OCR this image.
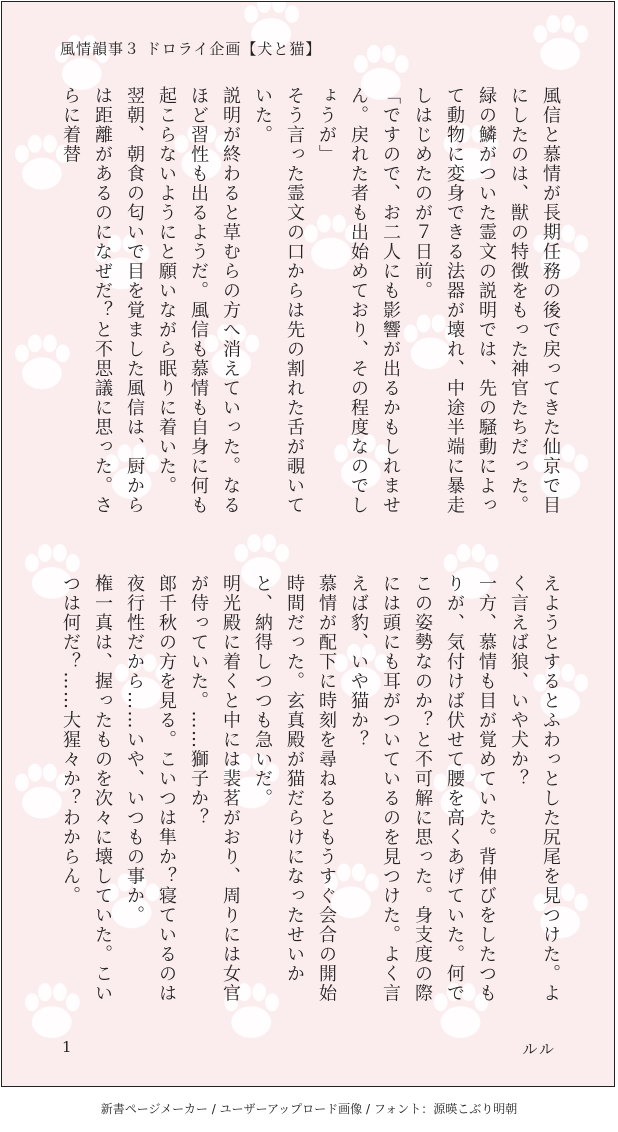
風情韻事３ ドロライ企画【犬と猫】

風信と慕情が長期任務の後で戻ってきた仙京で目にしたのは、獣の特徴をもった神官たちだった。

緑の鱗がついた霊文の説明では、先の騒動によって動物に変身できる法器が壊れ、中途半端に暴走しはじめたのが７日前。

「ですので、お二人にも影響が出るかもしれません。戻れた者も出始めており、その程度なのでしょうが」

そう言った霊文の口からは先の割れた舌が覗いていた。
説明が終わると草むらの方へ消えていった。なるほど習性も出るようだ。風信も慕情も自身に何も起こらないようにと願いながら眠りに着いた。

翌朝、朝食の匂いで目を覚ました風信は、厨からは距離があるのになぜだ？と不思議に思った。さらに着替

えようとするとふわっとした尻尾を見つけた。よく言えば狼、いや犬か？

一方、慕情も目が覚めていた。背伸びをしたつもりが、気付けば伏せて腰を高くあげていた。何でこの姿勢なのか？と不可解に思った。身支度の際には頭にも耳がついているのを見つけた。よく言えば豹、いや猫か？

慕情が配下に時刻を尋ねるともうすぐ会合の開始時間だった。玄真殿が猫だらけになったせいかと、納得しつつも急いだ。

明光殿に着くと中には裴茗がおり、周りには女官が侍っていた。……獅子か？
郎千秋の方を見る。こいつは隼か？寝ているのは夜行性だから……いや、いつもの事か。
権一真は、握ったものを次々に壊していた。こいつは何だ？……大猩々か？わからん。

1	ルル
新書ページメーカー / ユーザーアップロード画像 / フォント：源暎こぶり明朝
